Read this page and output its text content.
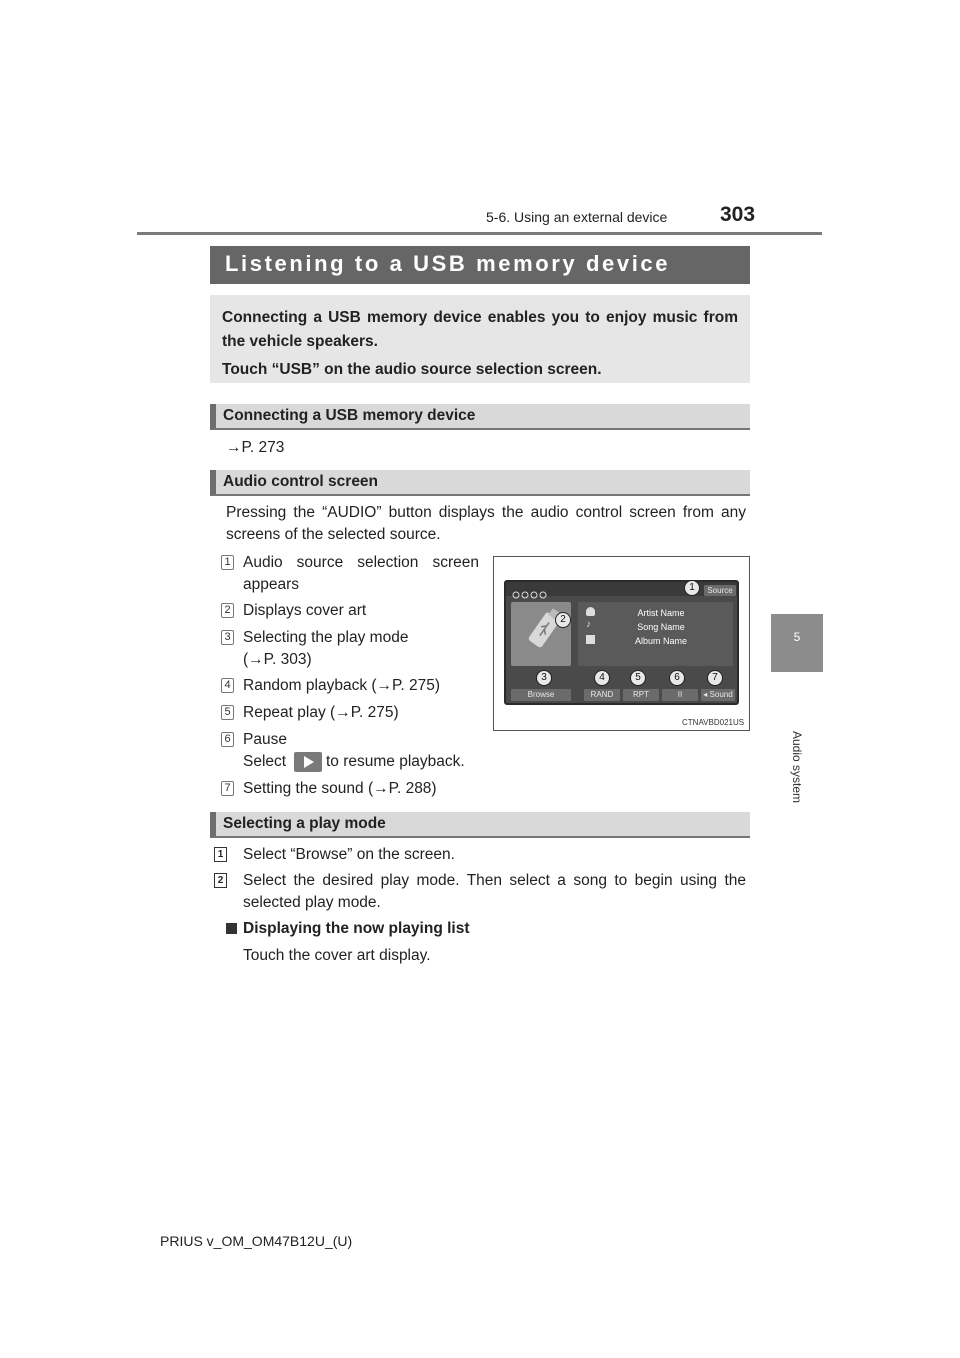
5-6. Using an external device	303
5
Audio system
Listening to a USB memory device

Connecting a USB memory device enables you to enjoy music from the vehicle speakers.

Touch “USB” on the audio source selection screen.

Connecting a USB memory device
→P. 273
Audio control screen
Pressing the “AUDIO” button displays the audio control screen from any screens of the selected source.
1 Audio source selection screen
appears
2 Displays cover art
3 Selecting the play mode
(→P. 303)
4 Random playback (→P. 275)
5 Repeat play (→P. 275)
6 Pause
Select	to resume playback.
7 Setting the sound (→P. 288)
Source
♪
Artist Name
Song Name
Album Name
Browse	RAND	RPT	II	◂ Sound
1
2
3	4	5	6	7
CTNAVBD021US
Selecting a play mode
1 Select “Browse” on the screen.
2 Select the desired play mode. Then select a song to begin using the selected play mode.
Displaying the now playing list
Touch the cover art display.
PRIUS v_OM_OM47B12U_(U)
